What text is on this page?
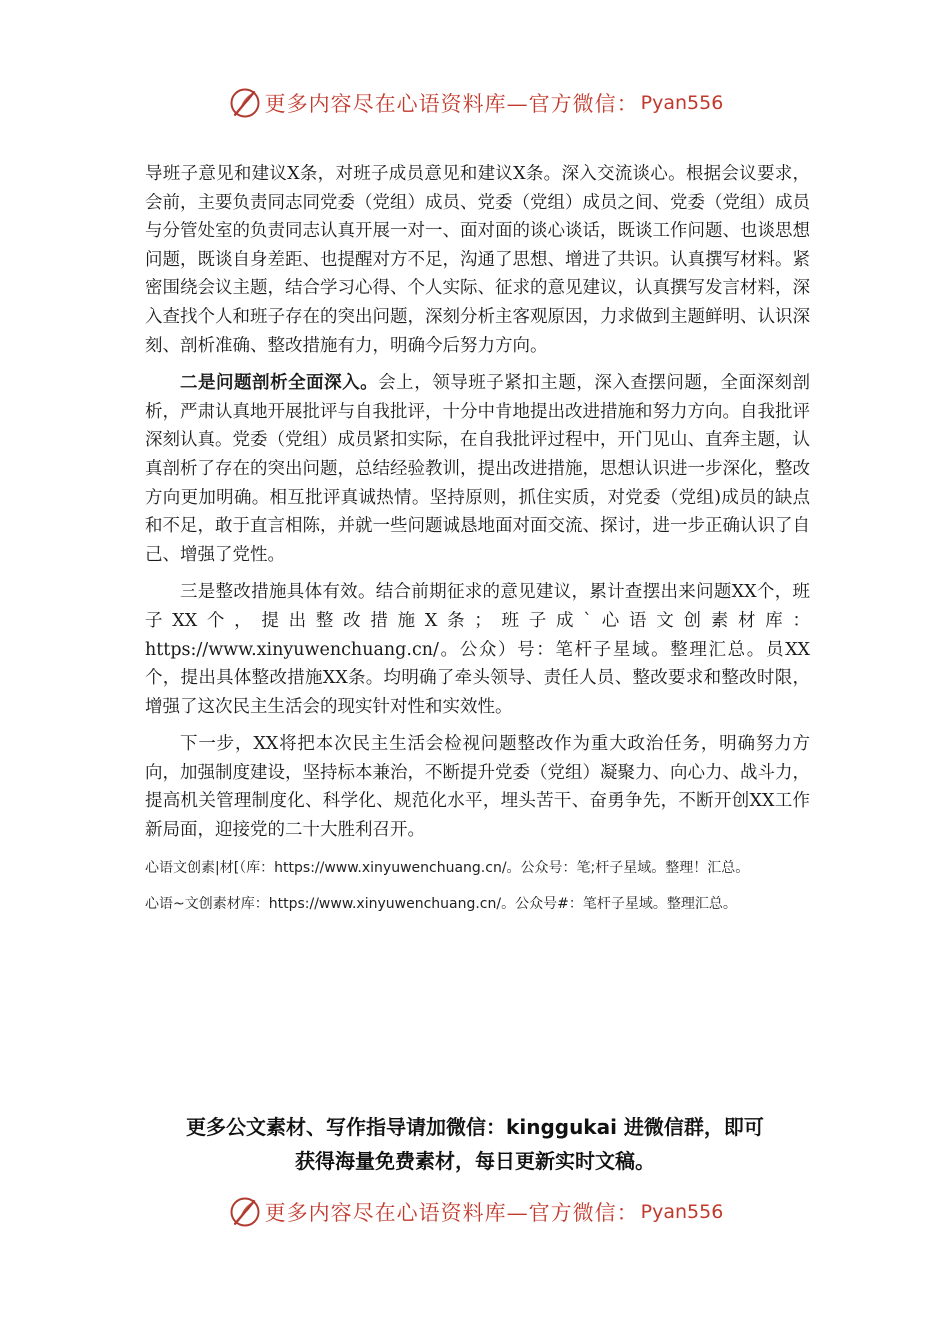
更多内容尽在心语资料库—官方微信： Pyan556

导班子意见和建议X条，对班子成员意见和建议X条。深入交流谈心。根据会议要求，会前，主要负责同志同党委（党组）成员、党委（党组）成员之间、党委（党组）成员与分管处室的负责同志认真开展一对一、面对面的谈心谈话，既谈工作问题、也谈思想问题，既谈自身差距、也提醒对方不足，沟通了思想、增进了共识。认真撰写材料。紧密围绕会议主题，结合学习心得、个人实际、征求的意见建议，认真撰写发言材料，深入查找个人和班子存在的突出问题，深刻分析主客观原因，力求做到主题鲜明、认识深刻、剖析准确、整改措施有力，明确今后努力方向。

二是问题剖析全面深入。会上，领导班子紧扣主题，深入查摆问题，全面深刻剖析，严肃认真地开展批评与自我批评，十分中肯地提出改进措施和努力方向。自我批评深刻认真。党委（党组）成员紧扣实际，在自我批评过程中，开门见山、直奔主题，认真剖析了存在的突出问题，总结经验教训，提出改进措施，思想认识进一步深化，整改方向更加明确。相互批评真诚热情。坚持原则，抓住实质，对党委（党组)成员的缺点和不足，敢于直言相陈，并就一些问题诚恳地面对面交流、探讨，进一步正确认识了自己、增强了党性。

三是整改措施具体有效。结合前期征求的意见建议，累计查摆出来问题XX个，班子XX个，提出整改措施X条；班子成`心语文创素材库：https://www.xinyuwenchuang.cn/。公众）号：笔杆子星域。整理汇总。员XX个，提出具体整改措施XX条。均明确了牵头领导、责任人员、整改要求和整改时限，增强了这次民主生活会的现实针对性和实效性。

下一步，XX将把本次民主生活会检视问题整改作为重大政治任务，明确努力方向，加强制度建设，坚持标本兼治，不断提升党委（党组）凝聚力、向心力、战斗力，提高机关管理制度化、科学化、规范化水平，埋头苦干、奋勇争先，不断开创XX工作新局面，迎接党的二十大胜利召开。

心语文创素|材[（库：https://www.xinyuwenchuang.cn/。公众号：笔;杆子星域。整理！汇总。

心语~文创素材库：https://www.xinyuwenchuang.cn/。公众号#：笔杆子星域。整理汇总。

更多公文素材、写作指导请加微信：kinggukai 进微信群，即可
获得海量免费素材，每日更新实时文稿。
更多内容尽在心语资料库—官方微信： Pyan556
